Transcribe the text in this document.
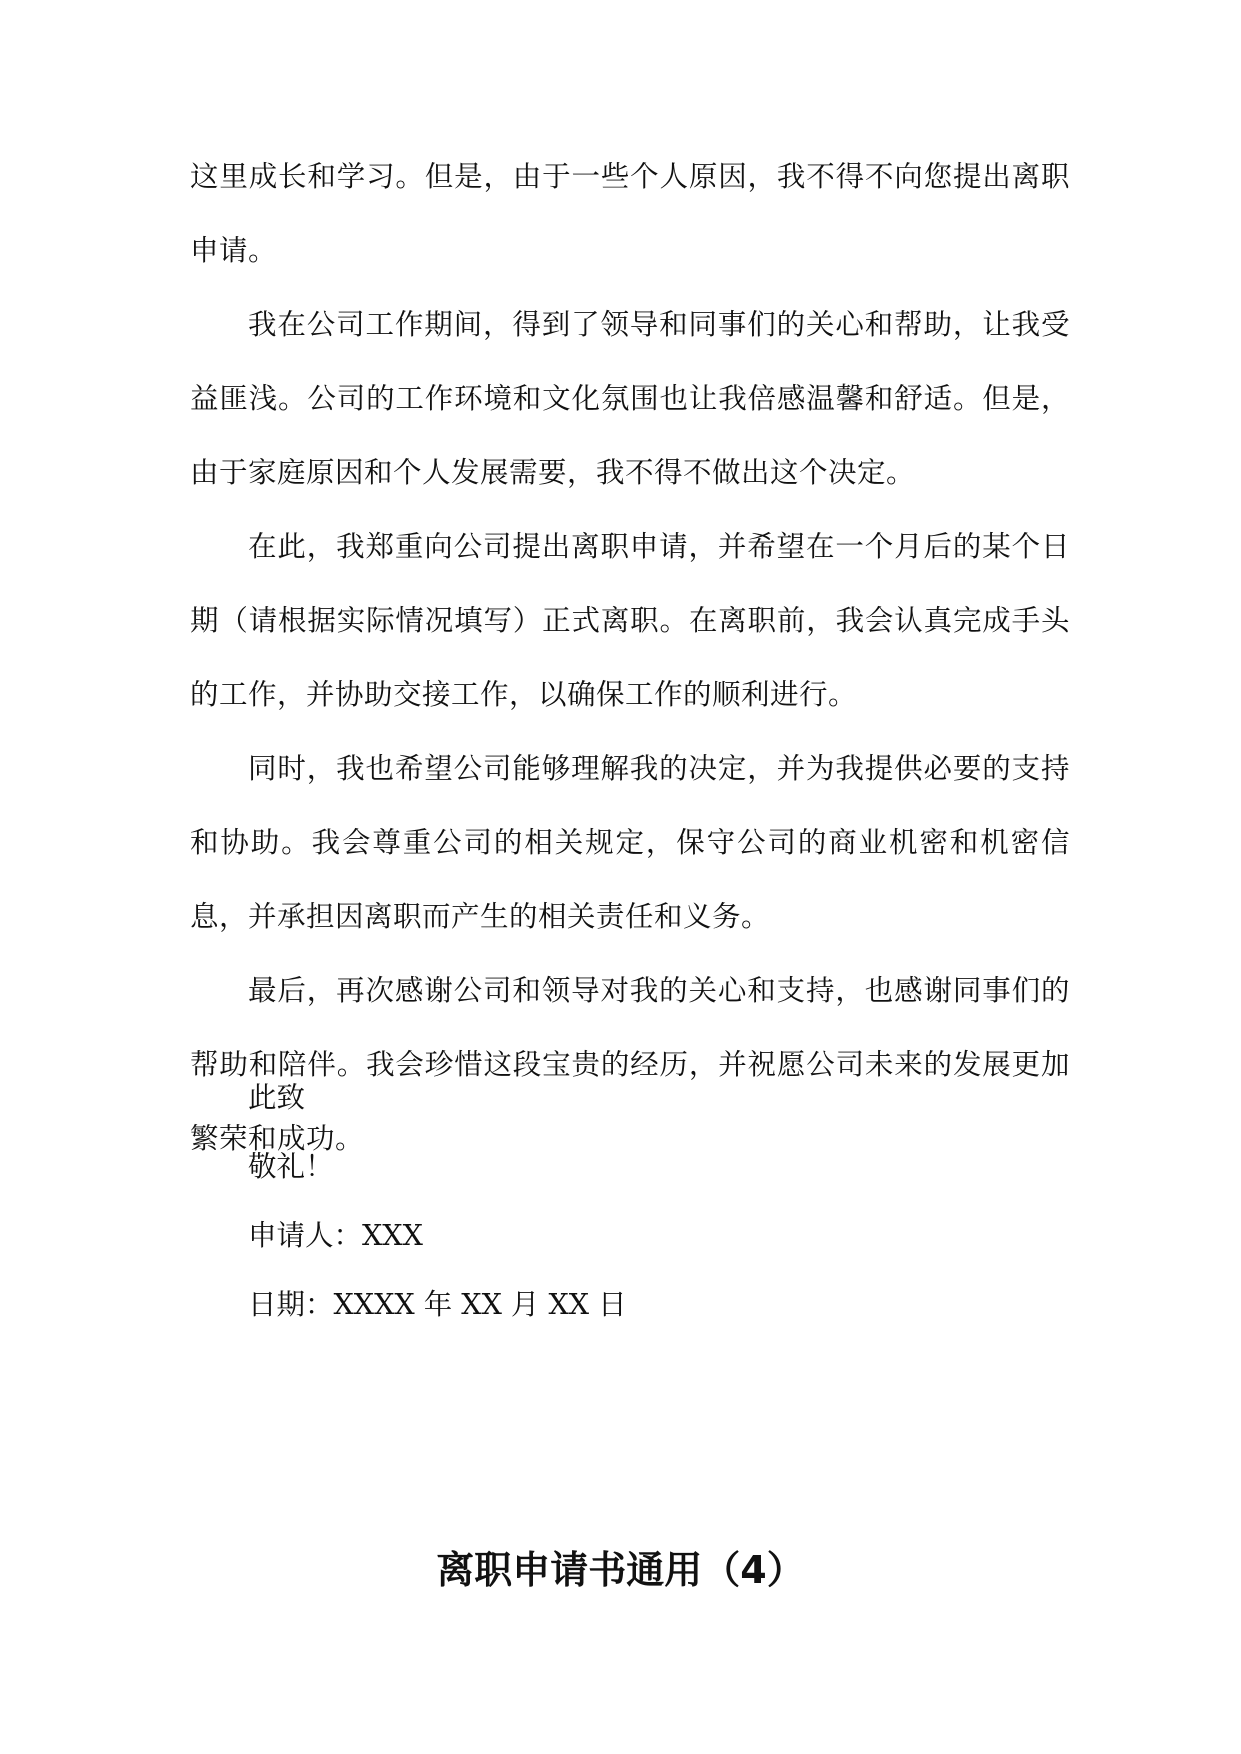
这里成长和学习。但是，由于一些个人原因，我不得不向您提出离职申请。

我在公司工作期间，得到了领导和同事们的关心和帮助，让我受益匪浅。公司的工作环境和文化氛围也让我倍感温馨和舒适。但是，由于家庭原因和个人发展需要，我不得不做出这个决定。

在此，我郑重向公司提出离职申请，并希望在一个月后的某个日期（请根据实际情况填写）正式离职。在离职前，我会认真完成手头的工作，并协助交接工作，以确保工作的顺利进行。

同时，我也希望公司能够理解我的决定，并为我提供必要的支持和协助。我会尊重公司的相关规定，保守公司的商业机密和机密信息，并承担因离职而产生的相关责任和义务。

最后，再次感谢公司和领导对我的关心和支持，也感谢同事们的帮助和陪伴。我会珍惜这段宝贵的经历，并祝愿公司未来的发展更加繁荣和成功。

此致

敬礼！

申请人：XXX

日期：XXXX 年 XX 月 XX 日

离职申请书通用（4）
